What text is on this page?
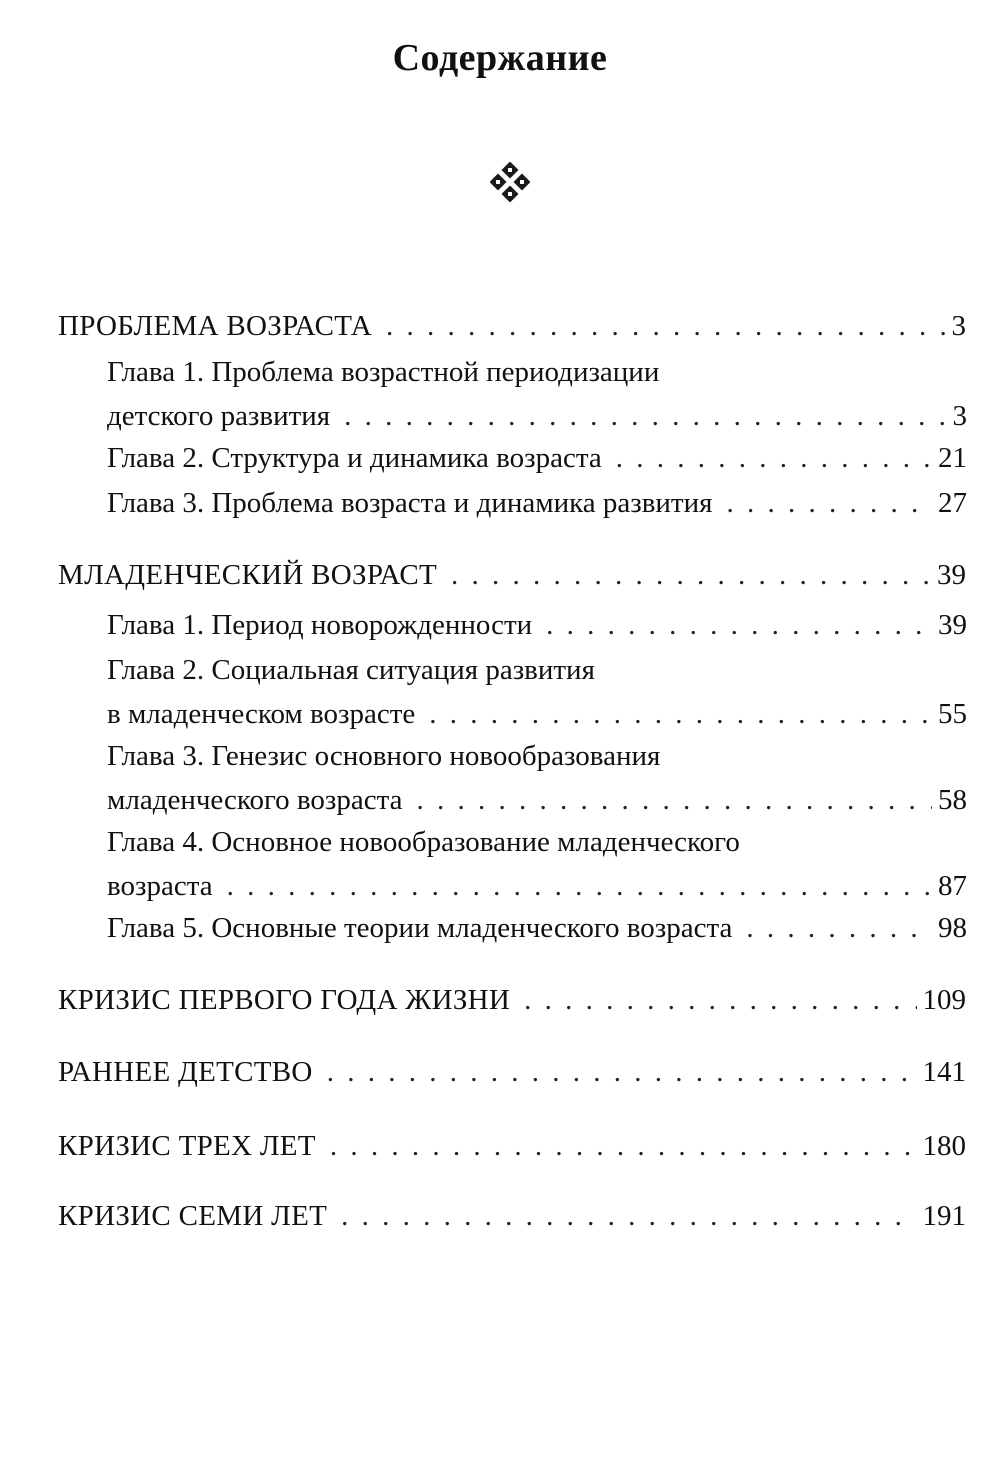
Содержание
ПРОБЛЕМА ВОЗРАСТА . . .	3
Глава 1. Проблема возрастной периодизации
детского развития . . .	3
Глава 2. Структура и динамика возраста . . .	21
Глава 3. Проблема возраста и динамика развития . . .	27
МЛАДЕНЧЕСКИЙ ВОЗРАСТ . . .	39
Глава 1. Период новорожденности . . .	39
Глава 2. Социальная ситуация развития
в младенческом возрасте . . .	55
Глава 3. Генезис основного новообразования
младенческого возраста . . .	58
Глава 4. Основное новообразование младенческого
возраста . . .	87
Глава 5. Основные теории младенческого возраста . . .	98
КРИЗИС ПЕРВОГО ГОДА ЖИЗНИ . . .	109
РАННЕЕ ДЕТСТВО . . .	141
КРИЗИС ТРЕХ ЛЕТ . . .	180
КРИЗИС СЕМИ ЛЕТ . . .	191
